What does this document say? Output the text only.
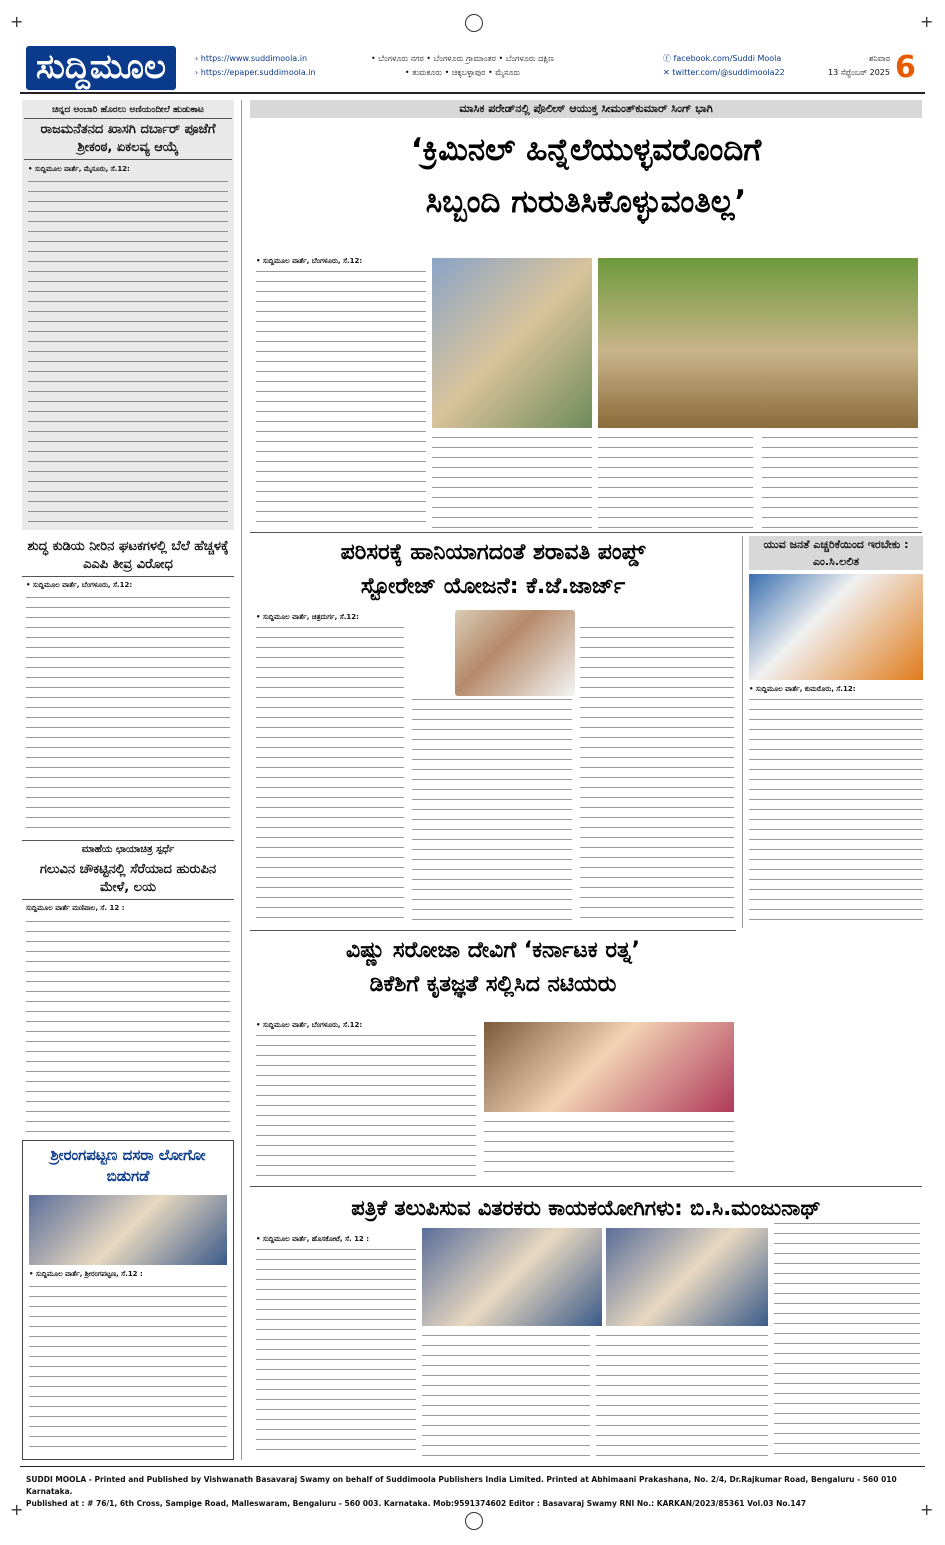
+	+
+	+
ಸುದ್ದಿಮೂಲ	› https://www.suddimoola.in
› https://epaper.suddimoola.in
• ಬೆಂಗಳೂರು ನಗರ • ಬೆಂಗಳೂರು ಗ್ರಾಮಾಂತರ • ಬೆಂಗಳೂರು ದಕ್ಷಿಣ
• ತುಮಕೂರು • ಚಿಕ್ಕಬಳ್ಳಾಪುರ • ಮೈಸೂರು
ⓕ facebook.com/Suddi Moola
✕ twitter.com/@suddimoola22
ಶನಿವಾರ
13 ಸೆಪ್ಟೆಂಬರ್ 2025 6
ಚಿನ್ನದ ಅಂಬಾರಿ ಹೊರಲು ಅಣಿಯಂದೀಲೆ ಹುಡುಕಾಟ
ರಾಜಮನೆತನದ ಖಾಸಗಿ ದರ್ಬಾರ್ ಪೂಜೆಗೆ ಶ್ರೀಕಂಠ, ಏಕಲವ್ಯ ಆಯ್ಕೆ
• ಸುದ್ದಿಮೂಲ ವಾರ್ತೆ, ಮೈಸೂರು, ಸೆ.12:
ಶುದ್ಧ ಕುಡಿಯ ನೀರಿನ ಘಟಕಗಳಲ್ಲಿ ಬೆಲೆ ಹೆಚ್ಚಳಕ್ಕೆ ಎಎಪಿ ತೀವ್ರ ವಿರೋಧ
• ಸುದ್ದಿಮೂಲ ವಾರ್ತೆ, ಬೆಂಗಳೂರು, ಸೆ.12:
ಮಾಹೆಯ ಛಾಯಾಚಿತ್ರ ಸ್ಪರ್ಧೆ
ಗಲುವಿನ ಚೌಕಟ್ಟಿನಲ್ಲಿ ಸೆರೆಯಾದ ಹುರುಪಿನ ಮೇಳೆ, ಲಯ
ಸುದ್ದಿಮೂಲ ವಾರ್ತೆ ಮಣಿಪಾಲ, ಸೆ. 12 :
ಶ್ರೀರಂಗಪಟ್ಟಣ ದಸರಾ ಲೋಗೋ ಬಿಡುಗಡೆ
• ಸುದ್ದಿಮೂಲ ವಾರ್ತೆ, ಶ್ರೀರಂಗಪಟ್ಟಣ, ಸೆ.12 :
ಮಾಸಿಕ ಪರೇಡ್‌ನಲ್ಲಿ ಪೊಲೀಸ್ ಆಯುಕ್ತ ಸೀಮಂತ್‌ಕುಮಾರ್ ಸಿಂಗ್ ಭಾಗಿ
‘ಕ್ರಿಮಿನಲ್ ಹಿನ್ನೆಲೆಯುಳ್ಳವರೊಂದಿಗೆ
ಸಿಬ್ಬಂದಿ ಗುರುತಿಸಿಕೊಳ್ಳುವಂತಿಲ್ಲ’
• ಸುದ್ದಿಮೂಲ ವಾರ್ತೆ, ಬೆಂಗಳೂರು, ಸೆ.12:
ಪರಿಸರಕ್ಕೆ ಹಾನಿಯಾಗದಂತೆ ಶರಾವತಿ ಪಂಪ್ಡ್
ಸ್ಟೋರೇಜ್ ಯೋಜನೆ: ಕೆ.ಜೆ.ಜಾರ್ಜ್
• ಸುದ್ದಿಮೂಲ ವಾರ್ತೆ, ಚಿತ್ರದುರ್ಗ, ಸೆ.12:
ಯುವ ಜನತೆ ಎಚ್ಚರಿಕೆಯಿಂದ ಇರಬೇಕು : ಎಂ.ಸಿ.ಲಲಿತ
• ಸುದ್ದಿಮೂಲ ವಾರ್ತೆ, ಕುಮರೊರು, ಸೆ.12:
ವಿಷ್ಣು ಸರೋಜಾ ದೇವಿಗೆ ‘ಕರ್ನಾಟಕ ರತ್ನ’
ಡಿಕೆಶಿಗೆ ಕೃತಜ್ಞತೆ ಸಲ್ಲಿಸಿದ ನಟಿಯರು
• ಸುದ್ದಿಮೂಲ ವಾರ್ತೆ, ಬೆಂಗಳೂರು, ಸೆ.12:
ಪತ್ರಿಕೆ ತಲುಪಿಸುವ ವಿತರಕರು ಕಾಯಕಯೋಗಿಗಳು: ಬಿ.ಸಿ.ಮಂಜುನಾಥ್
• ಸುದ್ದಿಮೂಲ ವಾರ್ತೆ, ಹೊಸಕೋಟೆ, ಸೆ. 12 :
SUDDI MOOLA - Printed and Published by Vishwanath Basavaraj Swamy on behalf of Suddimoola Publishers India Limited. Printed at Abhimaani Prakashana, No. 2/4, Dr.Rajkumar Road, Bengaluru - 560 010 Karnataka.
Published at : # 76/1, 6th Cross, Sampige Road, Malleswaram, Bengaluru - 560 003. Karnataka. Mob:9591374602 Editor : Basavaraj Swamy RNI No.: KARKAN/2023/85361 Vol.03 No.147
